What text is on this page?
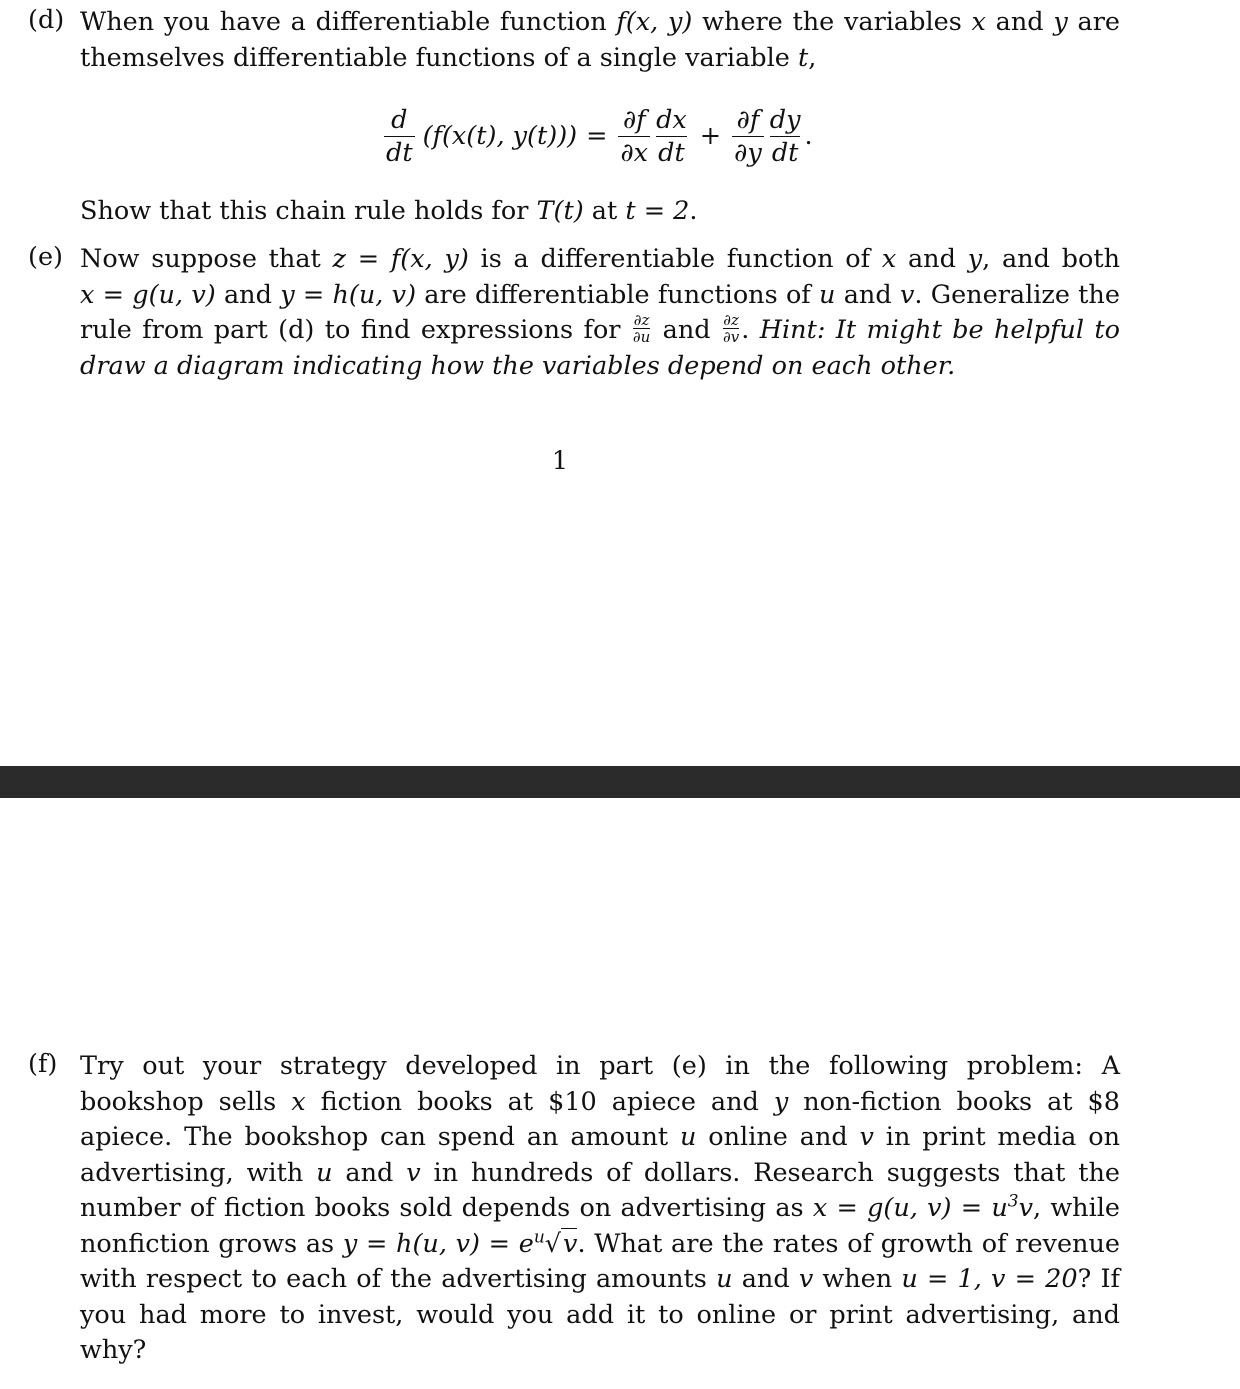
(d) When you have a differentiable function f(x, y) where the variables x and y are themselves differentiable functions of a single variable t,

$\frac{d}{dt} (f(x(t)$, $y(t))) = \frac{\partial f}{\partial x} \frac{dx}{dt} + \frac{\partial f}{\partial y} \frac{dy}{dt}$ .
Show that this chain rule holds for T(t) at t = 2.
(e) Now suppose that z = f(x, y) is a differentiable function of x and y, and both x = g(u, v) and y = h(u, v) are differentiable functions of u and v. Generalize the rule from part (d) to find expressions for $\frac{\partial z}{\partial u}$ and $\frac{\partial z}{\partial v}$ . Hint: It might be helpful to draw a diagram indicating how the variables depend on each other.

1
(f) Try out your strategy developed in part (e) in the following problem: A bookshop sells x fiction books at $10 apiece and y non-fiction books at $8 apiece. The bookshop can spend an amount u online and v in print media on advertising, with u and v in hundreds of dollars. Research suggests that the number of fiction books sold depends on advertising as x = g(u, $v) = u^3v$, while nonfiction grows as y = h(u, $v) = e^u√v$. What are the rates of growth of revenue with respect to each of the advertising amounts u and v when u = 1, v = 20? If you had more to invest, would you add it to online or print advertising, and why?
